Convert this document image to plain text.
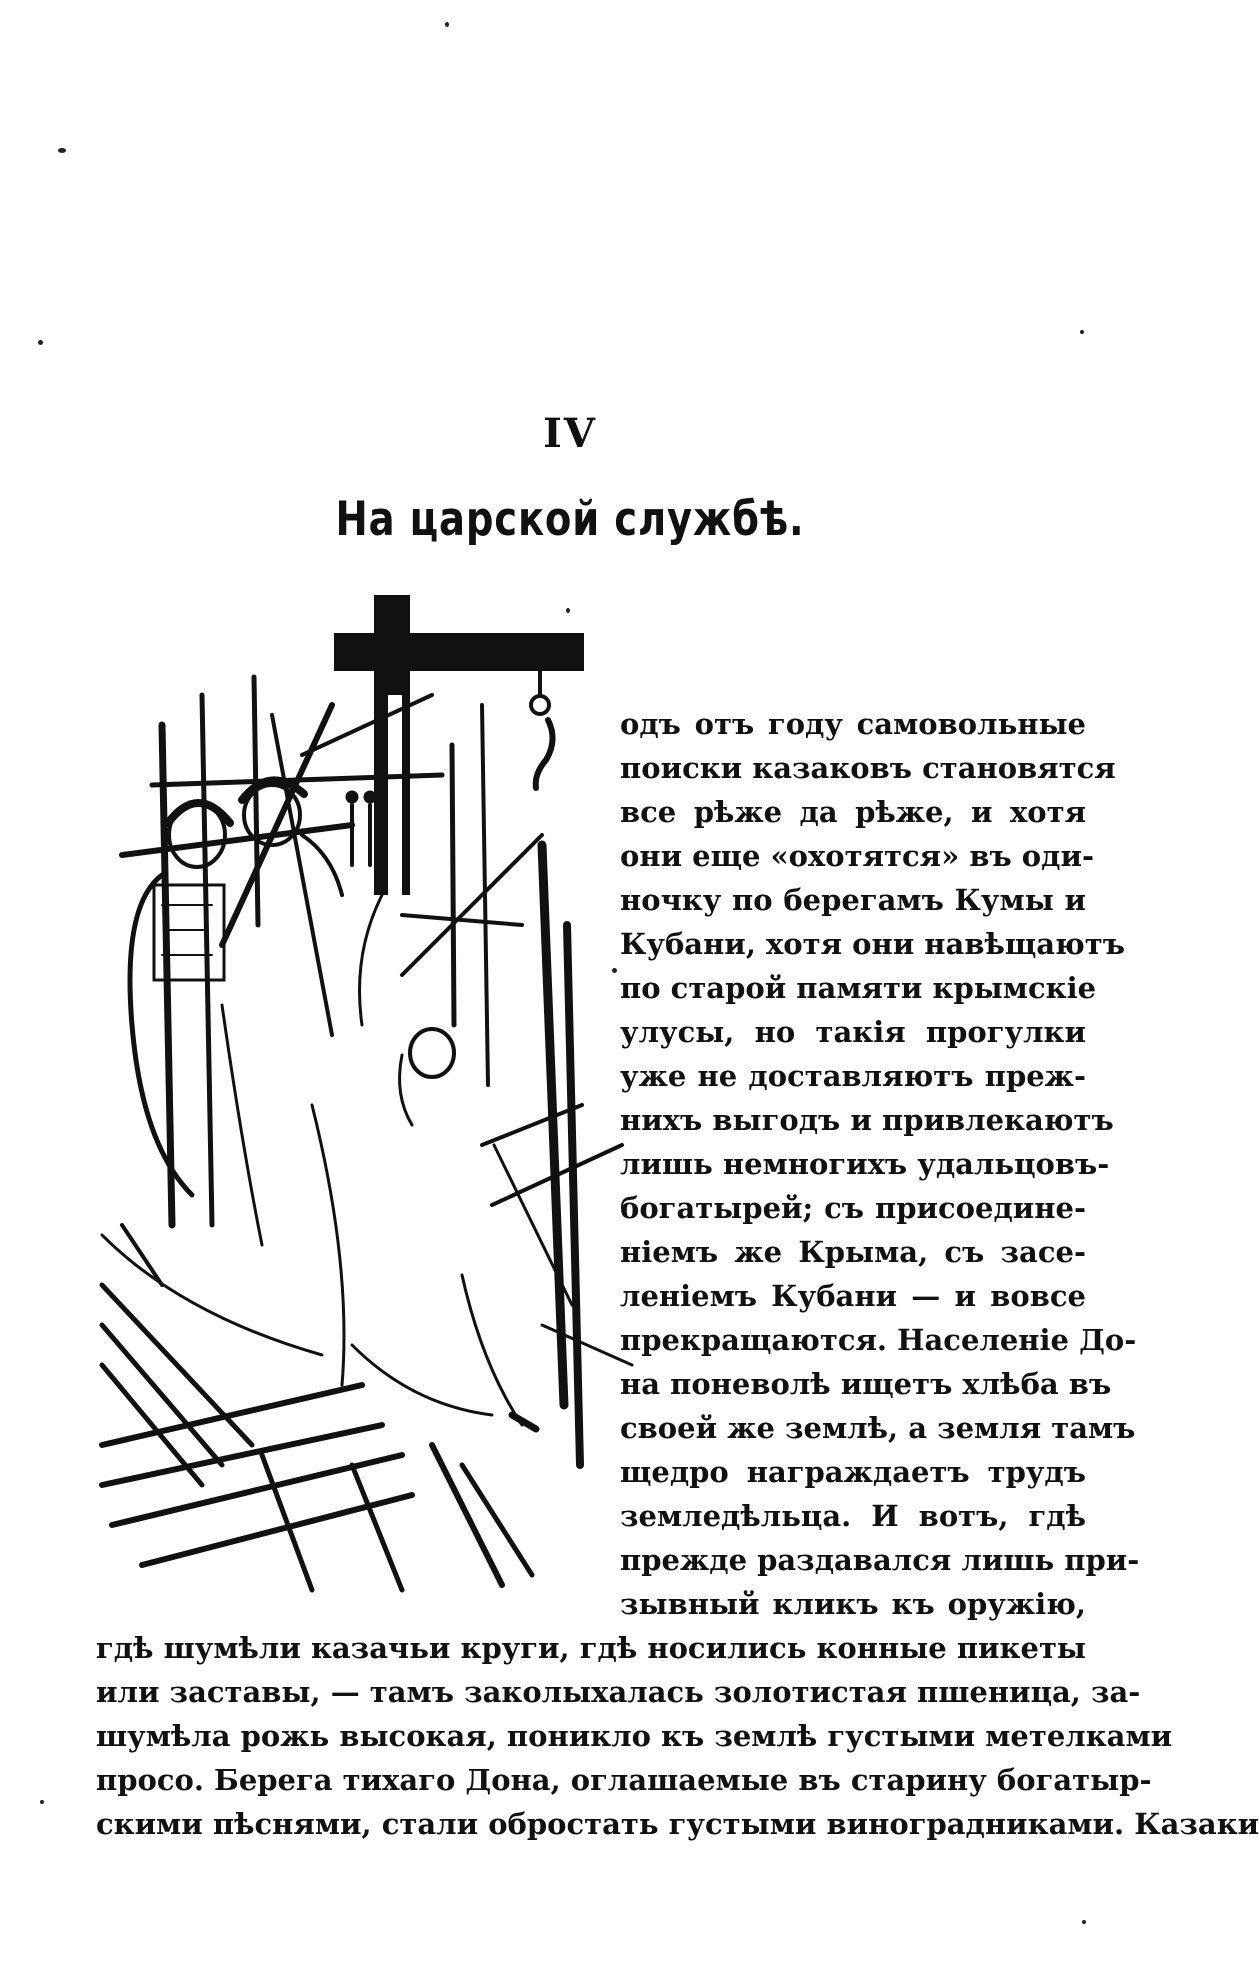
IV
На царской службѣ.
одъ отъ году самовольные
поиски казаковъ становятся
все рѣже да рѣже, и хотя
они еще «охотятся» въ оди-
ночку по берегамъ Кумы и
Кубани, хотя они навѣщаютъ
по старой памяти крымскіе
улусы, но такія прогулки
уже не доставляютъ преж-
нихъ выгодъ и привлекаютъ
лишь немногихъ удальцовъ-
богатырей; съ присоедине-
ніемъ же Крыма, съ засе-
леніемъ Кубани — и вовсе
прекращаются. Населеніе До-
на поневолѣ ищетъ хлѣба въ
своей же землѣ, а земля тамъ
щедро награждаетъ трудъ
земледѣльца. И вотъ, гдѣ
прежде раздавался лишь при-
зывный кликъ къ оружію,
гдѣ шумѣли казачьи круги, гдѣ носились конные пикеты
или заставы, — тамъ заколыхалась золотистая пшеница, за-
шумѣла рожь высокая, поникло къ землѣ густыми метелками
просо. Берега тихаго Дона, оглашаемые въ старину богатыр-
скими пѣснями, стали обростать густыми виноградниками. Казаки
